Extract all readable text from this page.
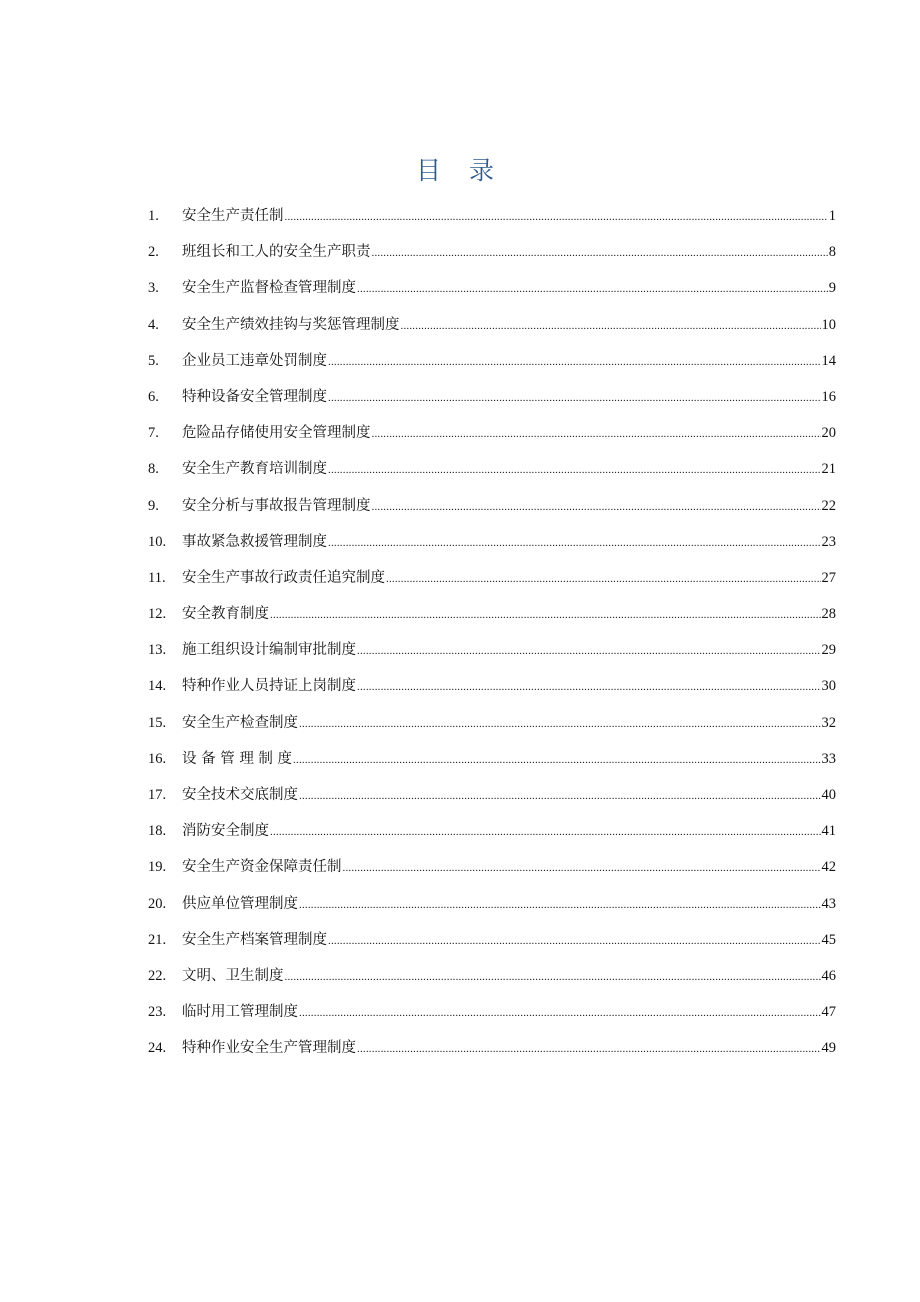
目 录
1.	安全生产责任制 .....	1
2.	班组长和工人的安全生产职责 .....	8
3.	安全生产监督检查管理制度 .....	9
4.	安全生产绩效挂钩与奖惩管理制度 .....	10
5.	企业员工违章处罚制度 .....	14
6.	特种设备安全管理制度 .....	16
7.	危险品存储使用安全管理制度 .....	20
8.	安全生产教育培训制度 .....	21
9.	安全分析与事故报告管理制度 .....	22
10.	事故紧急救援管理制度 .....	23
11.	安全生产事故行政责任追究制度 .....	27
12.	安全教育制度 .....	28
13.	施工组织设计编制审批制度 .....	29
14.	特种作业人员持证上岗制度 .....	30
15.	安全生产检查制度 .....	32
16.	设 备 管 理 制 度 .....	33
17.	安全技术交底制度 .....	40
18.	消防安全制度 .....	41
19.	安全生产资金保障责任制 .....	42
20.	供应单位管理制度 .....	43
21.	安全生产档案管理制度 .....	45
22.	文明、卫生制度 .....	46
23.	临时用工管理制度 .....	47
24.	特种作业安全生产管理制度 .....	49
